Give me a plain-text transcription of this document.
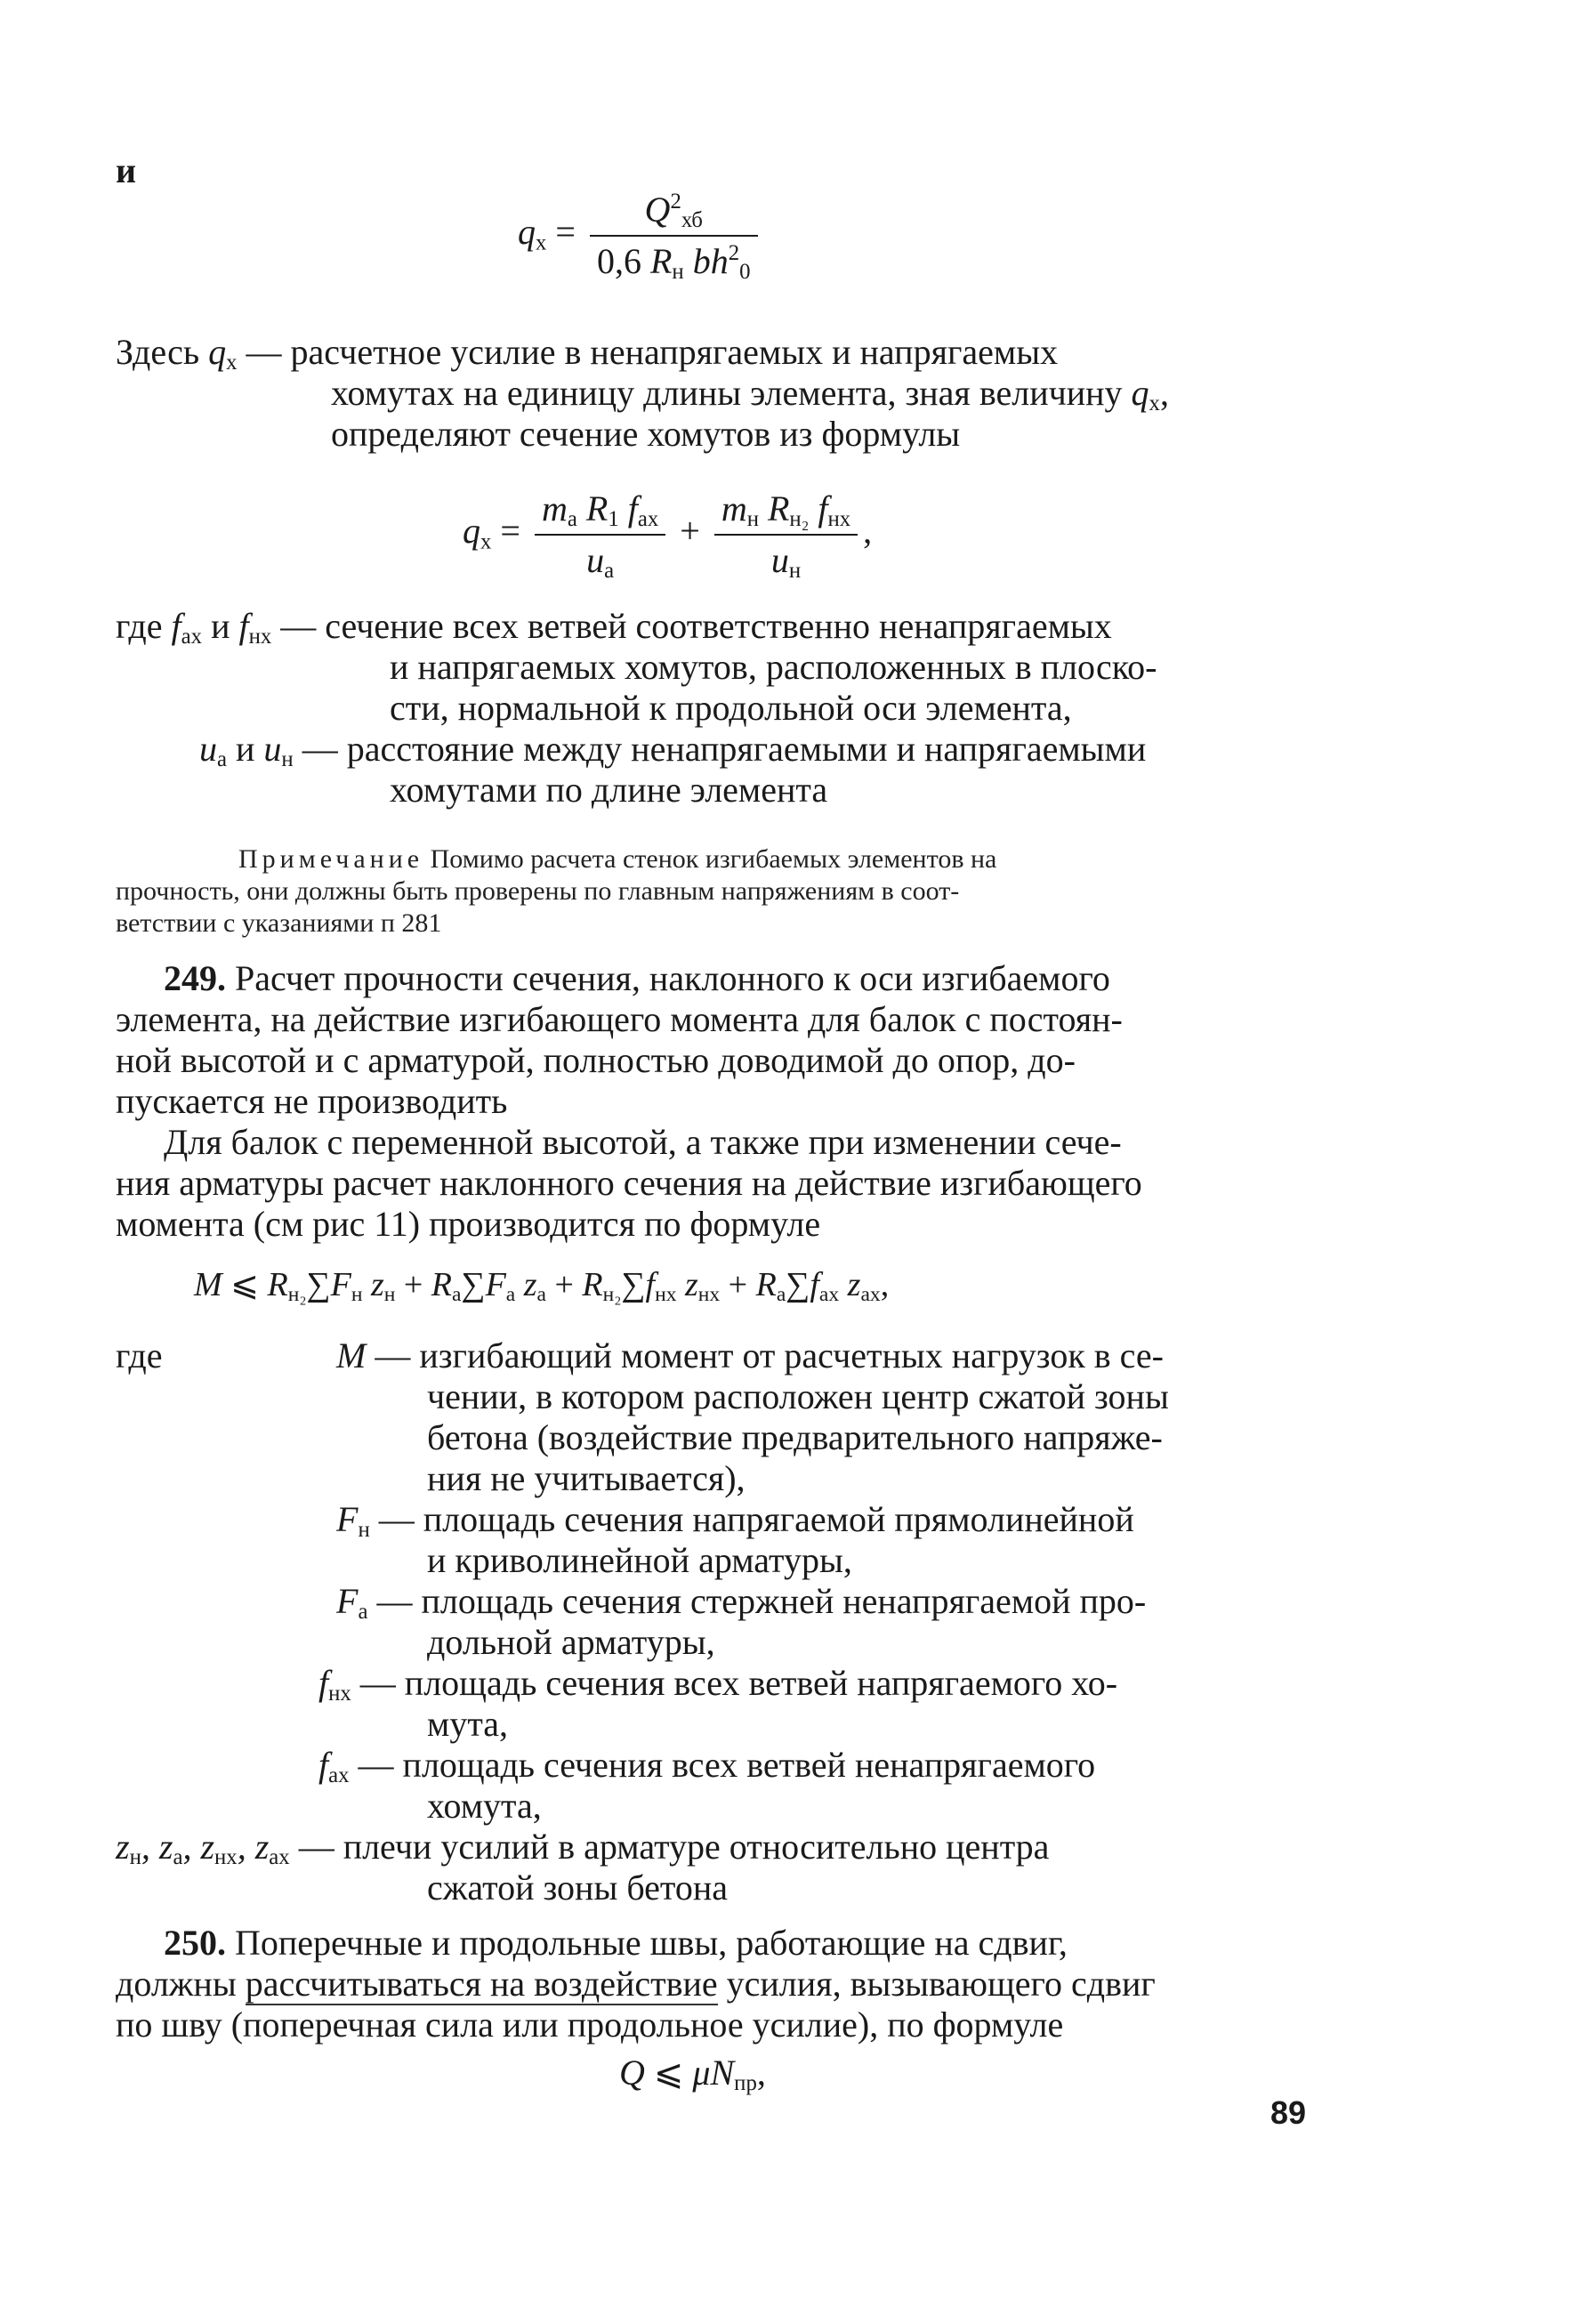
и
$q_х = \frac{Q^2_{хб}}{0,6 R_н bh^2_0}$
Здесь $q_х$ — расчетное усилие в ненапрягаемых и напрягаемых
хомутах на единицу длины элемента, зная величину $q_х$,
определяют сечение хомутов из формулы
$q_х = \frac{m_а R_1 f_{ах}}{u_а} + \frac{m_н R_{н_2} f_{нх}}{u_н}$ ,
где $f_{ах}$ и $f_{нх}$ — сечение всех ветвей соответственно ненапрягаемых
и напрягаемых хомутов, расположенных в плоско-
сти, нормальной к продольной оси элемента,
$u_а$ и $u_н$ — расстояние между ненапрягаемыми и напрягаемыми
хомутами по длине элемента
Примечание Помимо расчета стенок изгибаемых элементов на
прочность, они должны быть проверены по главным напряжениям в соот-
ветствии с указаниями п 281
249. Расчет прочности сечения, наклонного к оси изгибаемого
элемента, на действие изгибающего момента для балок с постоян-
ной высотой и с арматурой, полностью доводимой до опор, до-
пускается не производить
Для балок с переменной высотой, а также при изменении сече-
ния арматуры расчет наклонного сечения на действие изгибающего
момента (см рис 11) производится по формуле
M ⩽ $R_{н_2}\sum F_н$ $z_н + R_а\sum F_а$ $z_а + R_{н_2}\sum f_{нх}$ $z_{нх} + R_а\sum f_{ах}$ $z_{ах}$,
где	M — изгибающий момент от расчетных нагрузок в се-
чении, в котором расположен центр сжатой зоны
бетона (воздействие предварительного напряже-
ния не учитывается),
$F_н$ — площадь сечения напрягаемой прямолинейной
и криволинейной арматуры,
$F_а$ — площадь сечения стержней ненапрягаемой про-
дольной арматуры,
$f_{нх}$ — площадь сечения всех ветвей напрягаемого хо-
мута,
$f_{ах}$ — площадь сечения всех ветвей ненапрягаемого
хомута,
$z_н$, $z_а$, $z_{нх}$, $z_{ах}$ — плечи усилий в арматуре относительно центра
сжатой зоны бетона
250. Поперечные и продольные швы, работающие на сдвиг,
должны рассчитываться на воздействие усилия, вызывающего сдвиг
по шву (поперечная сила или продольное усилие), по формуле
Q ⩽ $\mu N_{пр}$,
89
